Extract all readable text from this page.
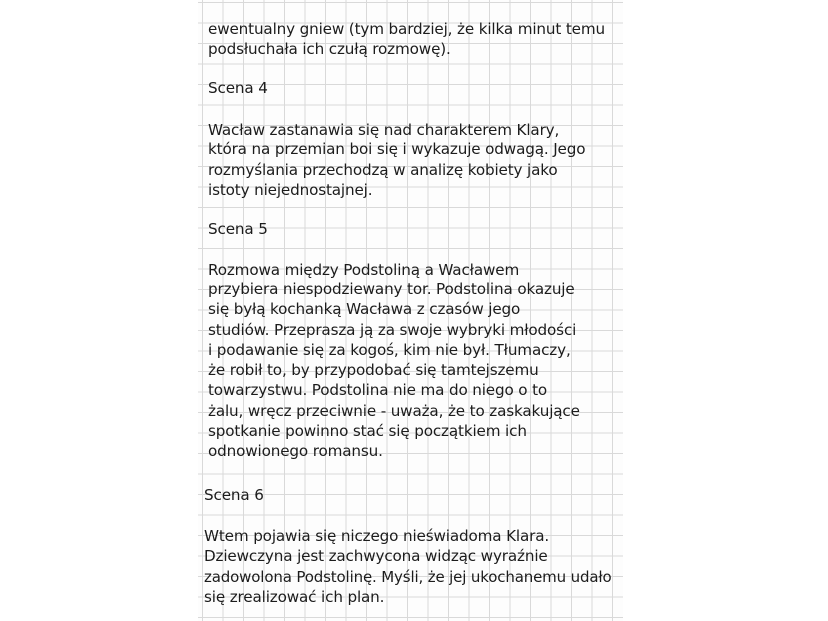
ewentualny gniew (tym bardziej, że kilka minut temu
podsłuchała ich czułą rozmowę).
Scena 4
Wacław zastanawia się nad charakterem Klary,
która na przemian boi się i wykazuje odwagą. Jego
rozmyślania przechodzą w analizę kobiety jako
istoty niejednostajnej.
Scena 5
Rozmowa między Podstoliną a Wacławem
przybiera niespodziewany tor. Podstolina okazuje
się byłą kochanką Wacława z czasów jego
studiów. Przeprasza ją za swoje wybryki młodości
i podawanie się za kogoś, kim nie był. Tłumaczy,
że robił to, by przypodobać się tamtejszemu
towarzystwu. Podstolina nie ma do niego o to
żalu, wręcz przeciwnie - uważa, że to zaskakujące
spotkanie powinno stać się początkiem ich
odnowionego romansu.
Scena 6
Wtem pojawia się niczego nieświadoma Klara.
Dziewczyna jest zachwycona widząc wyraźnie
zadowolona Podstolinę. Myśli, że jej ukochanemu udało
się zrealizować ich plan.
